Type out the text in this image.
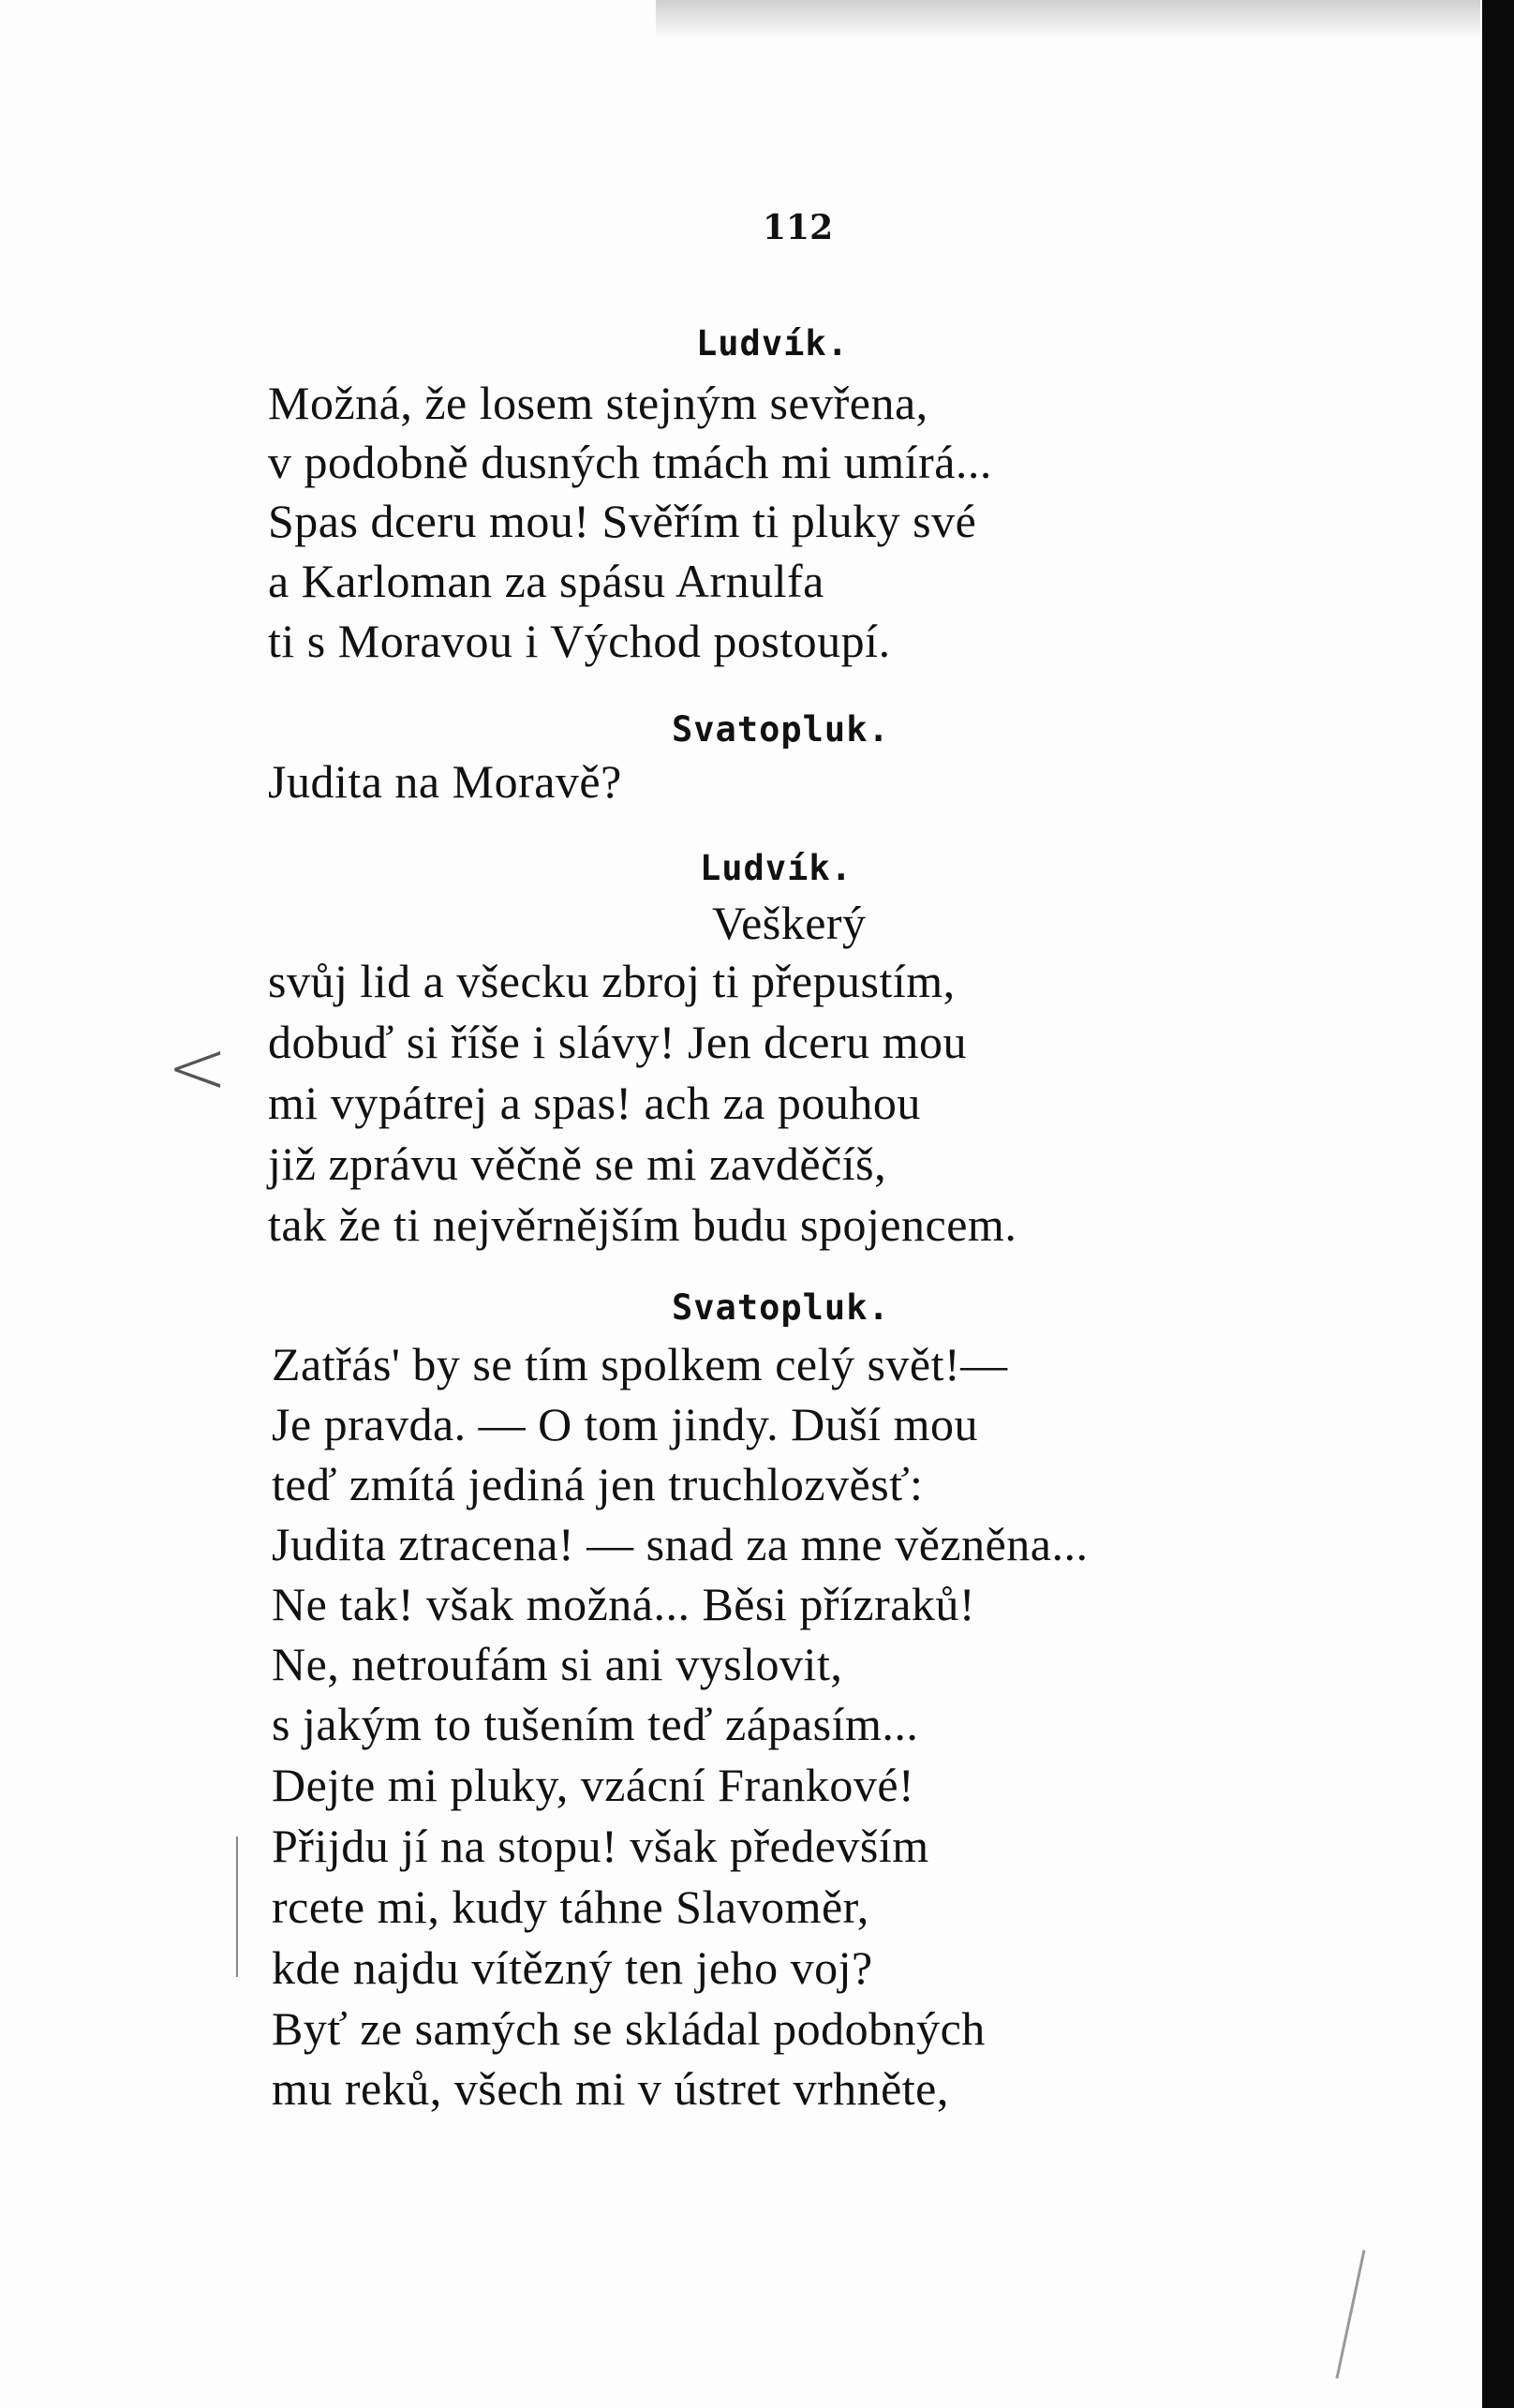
112
Ludvík.
Možná, že losem stejným sevřena,
v podobně dusných tmách mi umírá...
Spas dceru mou! Svěřím ti pluky své
a Karloman za spásu Arnulfa
ti s Moravou i Východ postoupí.
Svatopluk.
Judita na Moravě?
Ludvík.
Veškerý
svůj lid a všecku zbroj ti přepustím,
dobuď si říše i slávy! Jen dceru mou
mi vypátrej a spas! ach za pouhou
již zprávu věčně se mi zavděčíš,
tak že ti nejvěrnějším budu spojencem.
Svatopluk.
Zatřás' by se tím spolkem celý svět!—
Je pravda. — O tom jindy. Duší mou
teď zmítá jediná jen truchlozvěsť:
Judita ztracena! — snad za mne vězněna...
Ne tak! však možná... Běsi přízraků!
Ne, netroufám si ani vyslovit,
s jakým to tušením teď zápasím...
Dejte mi pluky, vzácní Frankové!
Přijdu jí na stopu! však především
rcete mi, kudy táhne Slavoměr,
kde najdu vítězný ten jeho voj?
Byť ze samých se skládal podobných
mu reků, všech mi v ústret vrhněte,
<
